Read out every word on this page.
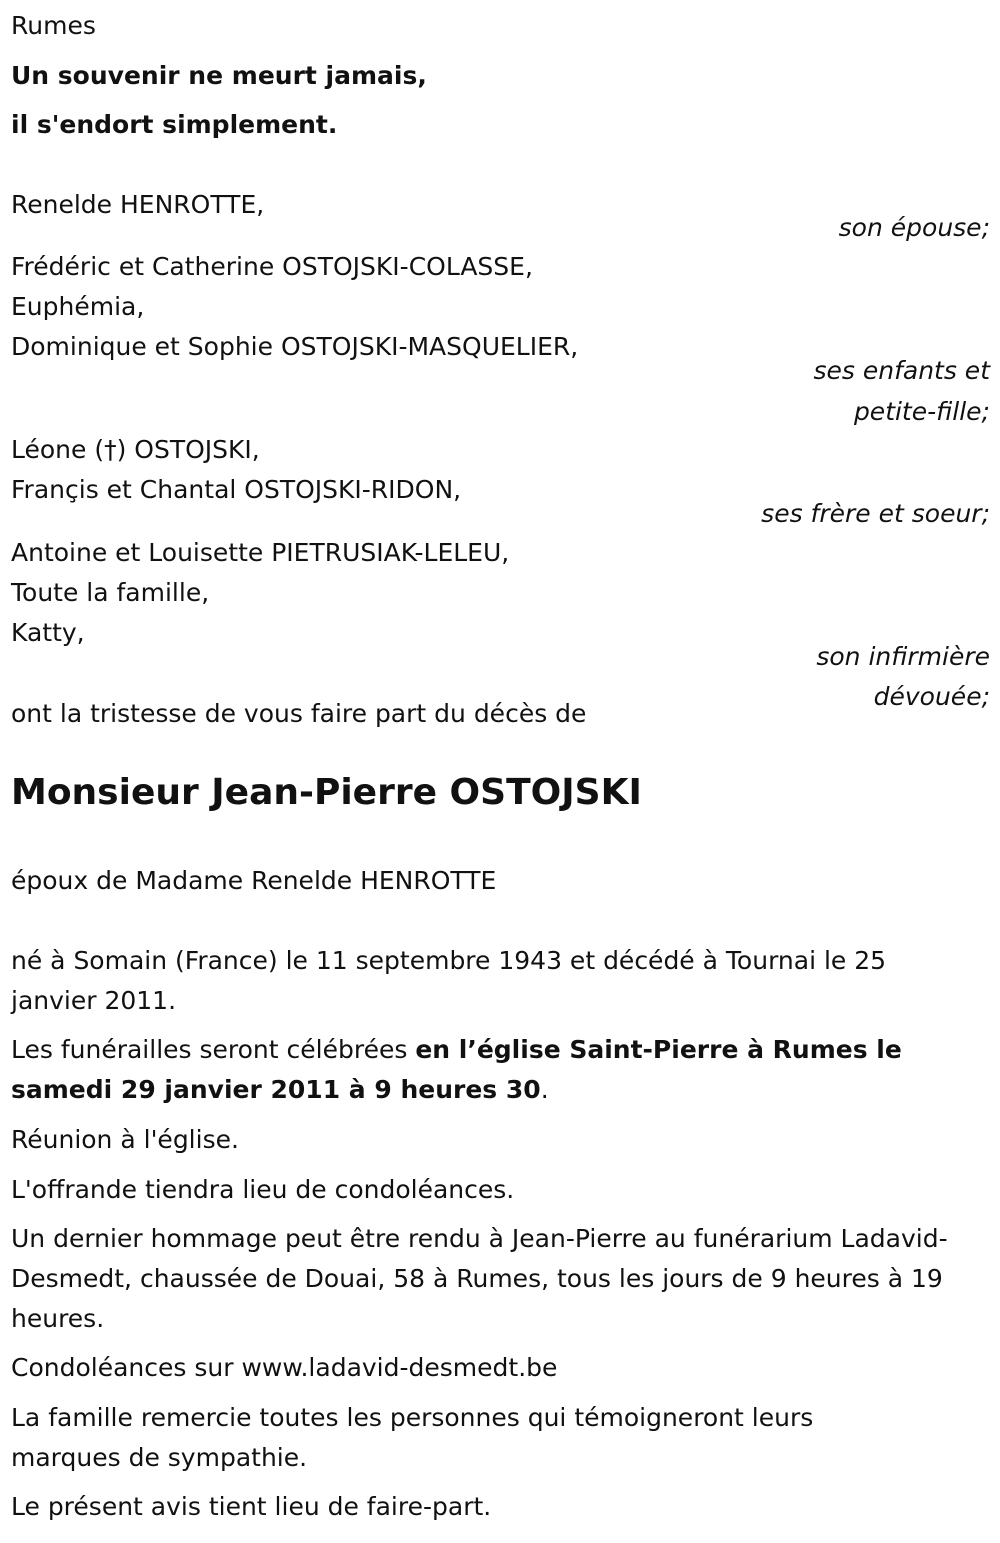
Rumes
Un souvenir ne meurt jamais,
il s'endort simplement.
Renelde HENROTTE,
son épouse;
Frédéric et Catherine OSTOJSKI-COLASSE,
Euphémia,
Dominique et Sophie OSTOJSKI-MASQUELIER,
ses enfants et
petite-fille;
Léone (†) OSTOJSKI,
Françis et Chantal OSTOJSKI-RIDON,
ses frère et soeur;
Antoine et Louisette PIETRUSIAK-LELEU,
Toute la famille,
Katty,
son infirmière
dévouée;
ont la tristesse de vous faire part du décès de
Monsieur Jean-Pierre OSTOJSKI
époux de Madame Renelde HENROTTE
né à Somain (France) le 11 septembre 1943 et décédé à Tournai le 25 janvier 2011.
Les funérailles seront célébrées en l’église Saint-Pierre à Rumes le samedi 29 janvier 2011 à 9 heures 30.
Réunion à l'église.
L'offrande tiendra lieu de condoléances.
Un dernier hommage peut être rendu à Jean-Pierre au funérarium Ladavid-Desmedt, chaussée de Douai, 58 à Rumes, tous les jours de 9 heures à 19 heures.
Condoléances sur www.ladavid-desmedt.be
La famille remercie toutes les personnes qui témoigneront leurs marques de sympathie.
Le présent avis tient lieu de faire-part.
